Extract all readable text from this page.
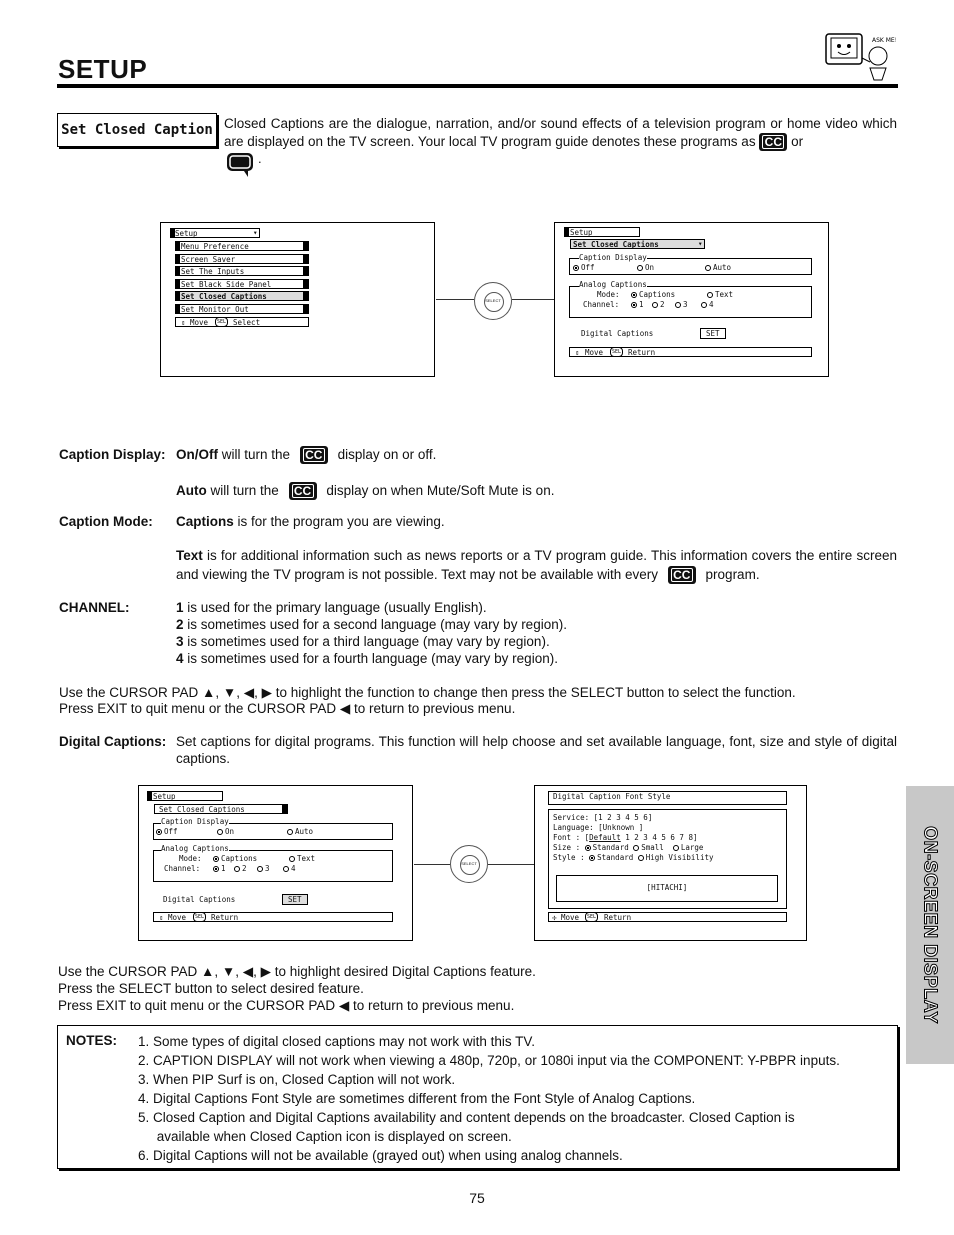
SETUP
ASK ME!
ON-SCREEN DISPLAY
Set Closed Caption Closed Captions are the dialogue, narration, and/or sound effects of a television program or home video which are displayed on the TV screen. Your local TV program guide denotes these programs as CC or
.
Setup	▾
⇕ Move	SEL Select
Menu Preference
Screen Saver
Set The Inputs
Set Black Side Panel
Set Closed Captions
Set Monitor Out
SELECT
Setup
Set Closed Captions	▾
Caption Display
Off	On	Auto
Analog Captions
Mode:	Captions	Text
Channel:	1	2	3	4
Digital Captions	SET
⇕ Move	SEL Return
Caption Display: On/Off will turn the CC display on or off.
Auto will turn the CC display on when Mute/Soft Mute is on.
Caption Mode: Captions is for the program you are viewing.
Text is for additional information such as news reports or a TV program guide. This information covers the entire screen and viewing the TV program is not possible. Text may not be available with every CC program.
CHANNEL:	1 is used for the primary language (usually English).
2 is sometimes used for a second language (may vary by region).
3 is sometimes used for a third language (may vary by region).
4 is sometimes used for a fourth language (may vary by region).
Use the CURSOR PAD ▲, ▼, ◀, ▶ to highlight the function to change then press the SELECT button to select the function.
Press EXIT to quit menu or the CURSOR PAD ◀ to return to previous menu.
Digital Captions: Set captions for digital programs. This function will help choose and set available language, font, size and style of digital captions.
Setup
Set Closed Captions
Caption Display
Off	On	Auto
Analog Captions
Mode:	Captions	Text
Channel:	1	2	3	4
Digital Captions	SET
⇕ Move	SEL Return
SELECT
Digital Caption Font Style
Service: [1 2 3 4 5 6]
Language: [Unknown ]
Font : [Default 1 2 3 4 5 6 7 8]
Size : Standard Small Large
Style : Standard High Visibility
[HITACHI]
✢ Move	SEL Return
Use the CURSOR PAD ▲, ▼, ◀, ▶ to highlight desired Digital Captions feature.
Press the SELECT button to select desired feature.
Press EXIT to quit menu or the CURSOR PAD ◀ to return to previous menu.
NOTES: 1. Some types of digital closed captions may not work with this TV.
2. CAPTION DISPLAY will not work when viewing a 480p, 720p, or 1080i input via the COMPONENT: Y-PBPR inputs.
3. When PIP Surf is on, Closed Caption will not work.
4. Digital Captions Font Style are sometimes different from the Font Style of Analog Captions.
5. Closed Caption and Digital Captions availability and content depends on the broadcaster. Closed Caption is
available when Closed Caption icon is displayed on screen.
6. Digital Captions will not be available (grayed out) when using analog channels.
75
